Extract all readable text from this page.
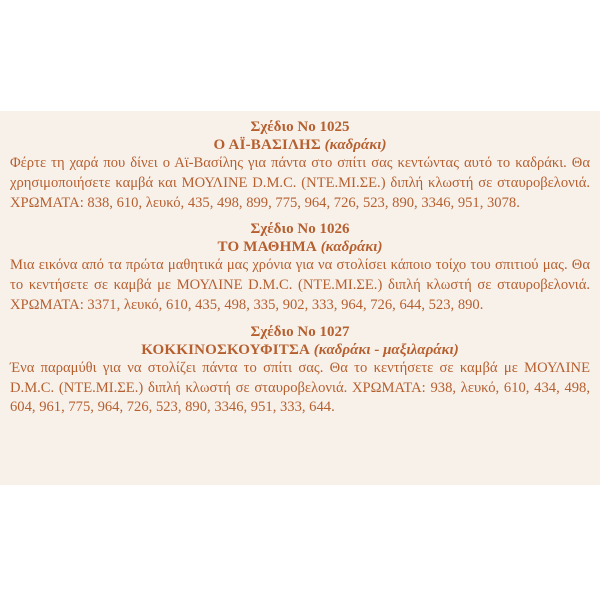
Σχέδιο Νο 1025

Ο ΑΪ-ΒΑΣΙΛΗΣ (καδράκι)

Φέρτε τη χαρά που δίνει ο Αϊ-Βασίλης για πάντα στο σπίτι σας κεντώντας αυτό το καδράκι. Θα χρησιμοποιήσετε καμβά και ΜΟΥΛΙΝΕ D.M.C. (ΝΤΕ.ΜΙ.ΣΕ.) διπλή κλωστή σε σταυροβελονιά. ΧΡΩΜΑΤΑ: 838, 610, λευκό, 435, 498, 899, 775, 964, 726, 523, 890, 3346, 951, 3078.

Σχέδιο Νο 1026

ΤΟ ΜΑΘΗΜΑ (καδράκι)

Μια εικόνα από τα πρώτα μαθητικά μας χρόνια για να στολίσει κάποιο τοίχο του σπιτιού μας. Θα το κεντήσετε σε καμβά με ΜΟΥΛΙΝΕ D.M.C. (ΝΤΕ.ΜΙ.ΣΕ.) διπλή κλωστή σε σταυροβελονιά. ΧΡΩΜΑΤΑ: 3371, λευκό, 610, 435, 498, 335, 902, 333, 964, 726, 644, 523, 890.

Σχέδιο Νο 1027

ΚΟΚΚΙΝΟΣΚΟΥΦΙΤΣΑ (καδράκι - μαξιλαράκι)

Ένα παραμύθι για να στολίζει πάντα το σπίτι σας. Θα το κεντήσετε σε καμβά με ΜΟΥΛΙΝΕ D.M.C. (ΝΤΕ.ΜΙ.ΣΕ.) διπλή κλωστή σε σταυροβελονιά. ΧΡΩΜΑΤΑ: 938, λευκό, 610, 434, 498, 604, 961, 775, 964, 726, 523, 890, 3346, 951, 333, 644.
